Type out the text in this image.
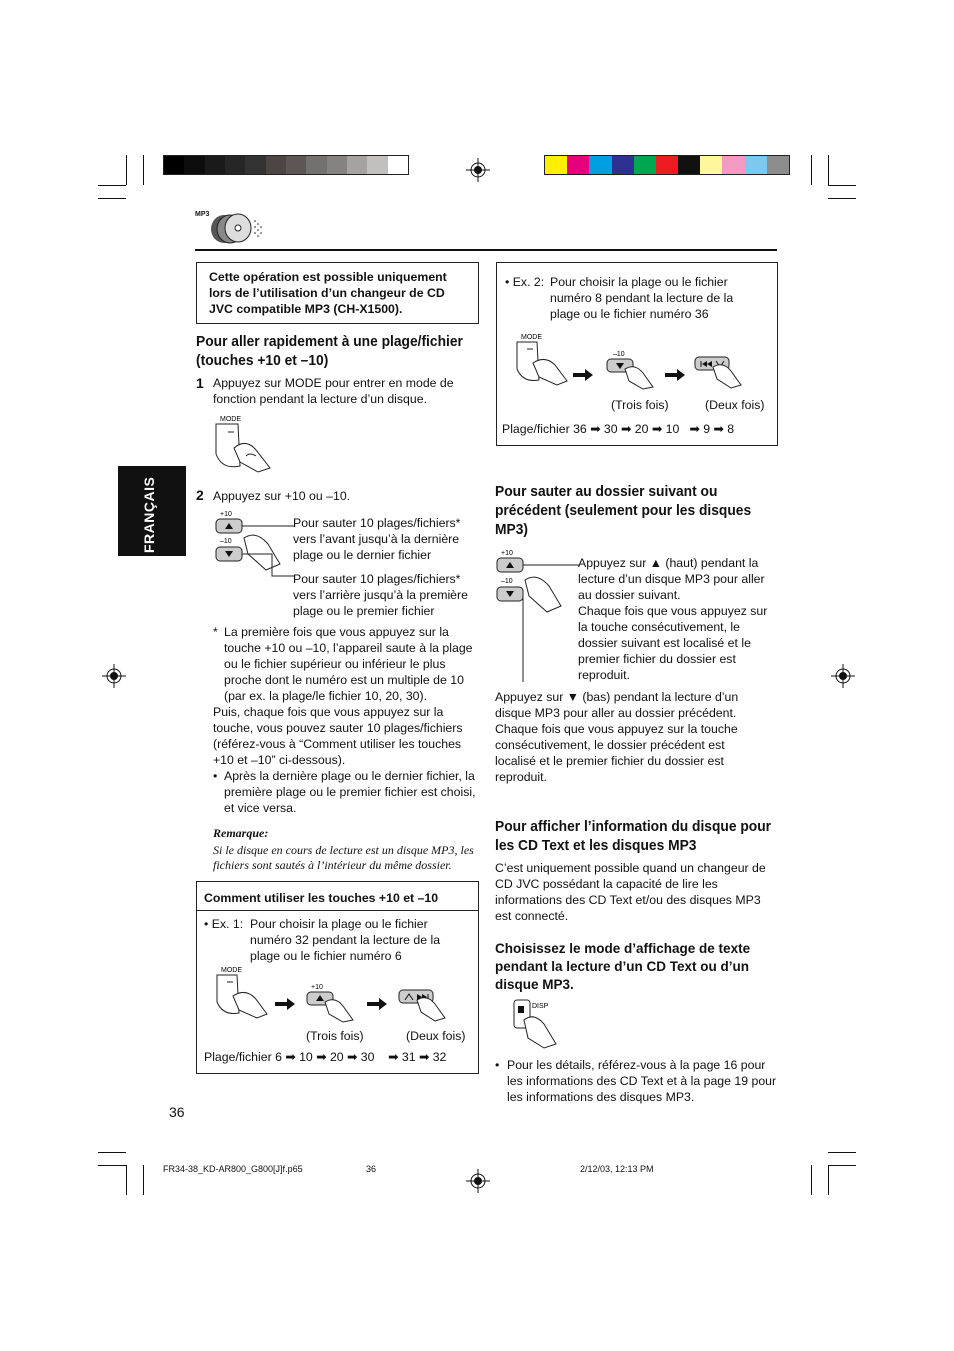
MP3
FRANÇAIS
Cette opération est possible uniquement lors de l’utilisation d’un changeur de CD JVC compatible MP3 (CH-X1500).
Pour aller rapidement à une plage/fichier (touches +10 et –10)
1 Appuyez sur MODE pour entrer en mode de fonction pendant la lecture d’un disque.
MODE
2 Appuyez sur +10 ou –10.
+10
–10
Pour sauter 10 plages/fichiers*
vers l’avant jusqu’à la dernière
plage ou le dernier fichier
Pour sauter 10 plages/fichiers*
vers l’arrière jusqu’à la première
plage ou le premier fichier
* La première fois que vous appuyez sur la touche +10 ou –10, l’appareil saute à la plage ou le fichier supérieur ou inférieur le plus proche dont le numéro est un multiple de 10 (par ex. la plage/le fichier 10, 20, 30).
Puis, chaque fois que vous appuyez sur la touche, vous pouvez sauter 10 plages/fichiers (référez-vous à “Comment utiliser les touches +10 et –10” ci-dessous).
• Après la dernière plage ou le dernier fichier, la première plage ou le premier fichier est choisi, et vice versa.
Remarque:
Si le disque en cours de lecture est un disque MP3, les fichiers sont sautés à l’intérieur du même dossier.
Comment utiliser les touches +10 et –10
• Ex. 1: Pour choisir la plage ou le fichier numéro 32 pendant la lecture de la plage ou le fichier numéro 6
MODE
+10
(Trois fois)	(Deux fois)
Plage/fichier 6 ➡ 10 ➡ 20 ➡ 30 ➡ 31 ➡ 32
36
• Ex. 2: Pour choisir la plage ou le fichier numéro 8 pendant la lecture de la plage ou le fichier numéro 36
MODE
–10
(Trois fois)	(Deux fois)
Plage/fichier 36 ➡ 30 ➡ 20 ➡ 10 ➡ 9 ➡ 8
Pour sauter au dossier suivant ou précédent (seulement pour les disques MP3)
+10
–10
Appuyez sur ▲ (haut) pendant la lecture d’un disque MP3 pour aller au dossier suivant.
Chaque fois que vous appuyez sur la touche consécutivement, le dossier suivant est localisé et le premier fichier du dossier est reproduit.
Appuyez sur ▼ (bas) pendant la lecture d’un disque MP3 pour aller au dossier précédent. Chaque fois que vous appuyez sur la touche consécutivement, le dossier précédent est localisé et le premier fichier du dossier est reproduit.
Pour afficher l’information du disque pour les CD Text et les disques MP3
C’est uniquement possible quand un changeur de CD JVC possédant la capacité de lire les informations des CD Text et/ou des disques MP3 est connecté.
Choisissez le mode d’affichage de texte pendant la lecture d’un CD Text ou d’un disque MP3.
DISP
• Pour les détails, référez-vous à la page 16 pour les informations des CD Text et à la page 19 pour les informations des disques MP3.
FR34-38_KD-AR800_G800[J]f.p65	36	2/12/03, 12:13 PM
